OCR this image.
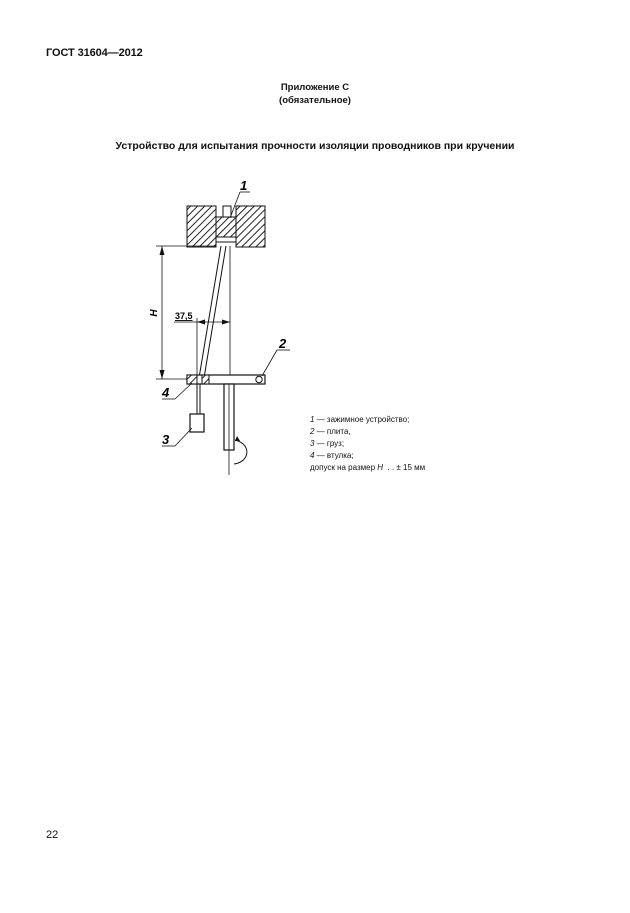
ГОСТ 31604—2012
Приложение С
(обязательное)
Устройство для испытания прочности изоляции проводников при кручении
H 37,5
1
2
4
3
1 — зажимное устройство;
2 — плита,
3 — груз;
4 — втулка;
допуск на размер H  . . ± 15 мм
22
